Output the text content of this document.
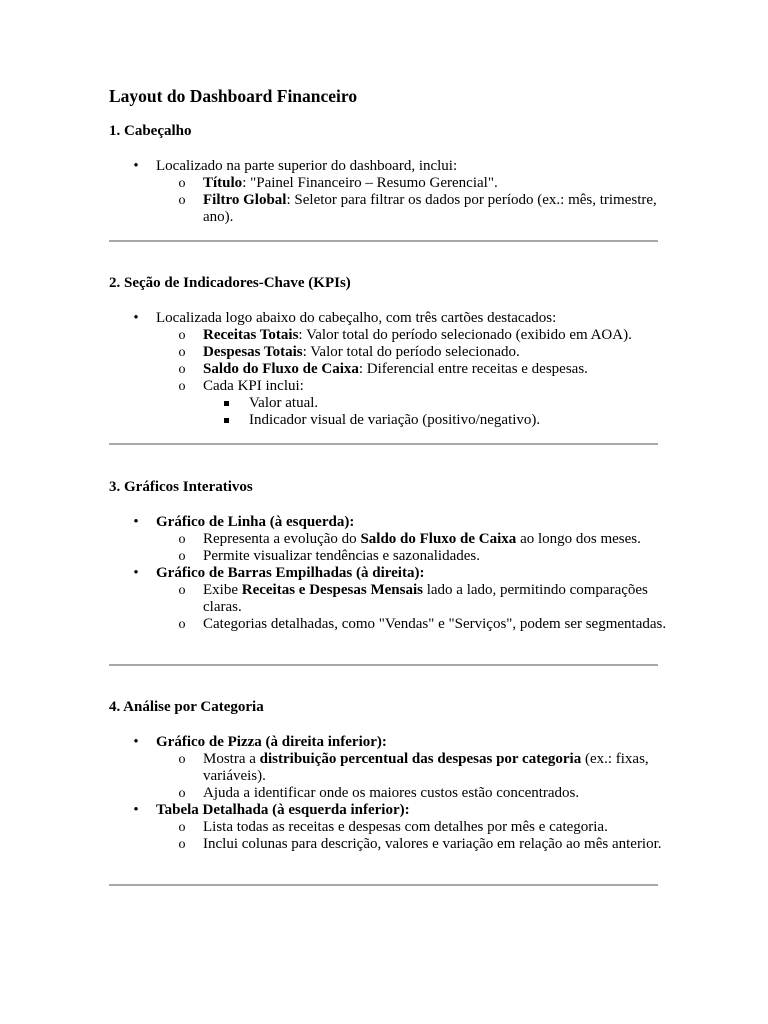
Layout do Dashboard Financeiro
1. Cabeçalho
•
Localizado na parte superior do dashboard, inclui:
o
Título: "Painel Financeiro – Resumo Gerencial".
o
Filtro Global: Seletor para filtrar os dados por período (ex.: mês, trimestre, ano).
2. Seção de Indicadores-Chave (KPIs)
•
Localizada logo abaixo do cabeçalho, com três cartões destacados:
o
Receitas Totais: Valor total do período selecionado (exibido em AOA).
o
Despesas Totais: Valor total do período selecionado.
o
Saldo do Fluxo de Caixa: Diferencial entre receitas e despesas.
o
Cada KPI inclui:
Valor atual.
Indicador visual de variação (positivo/negativo).
3. Gráficos Interativos
•
Gráfico de Linha (à esquerda):
o
Representa a evolução do Saldo do Fluxo de Caixa ao longo dos meses.
o
Permite visualizar tendências e sazonalidades.
•
Gráfico de Barras Empilhadas (à direita):
o
Exibe Receitas e Despesas Mensais lado a lado, permitindo comparações claras.
o
Categorias detalhadas, como "Vendas" e "Serviços", podem ser segmentadas.
4. Análise por Categoria
•
Gráfico de Pizza (à direita inferior):
o
Mostra a distribuição percentual das despesas por categoria (ex.: fixas, variáveis).
o
Ajuda a identificar onde os maiores custos estão concentrados.
•
Tabela Detalhada (à esquerda inferior):
o
Lista todas as receitas e despesas com detalhes por mês e categoria.
o
Inclui colunas para descrição, valores e variação em relação ao mês anterior.
